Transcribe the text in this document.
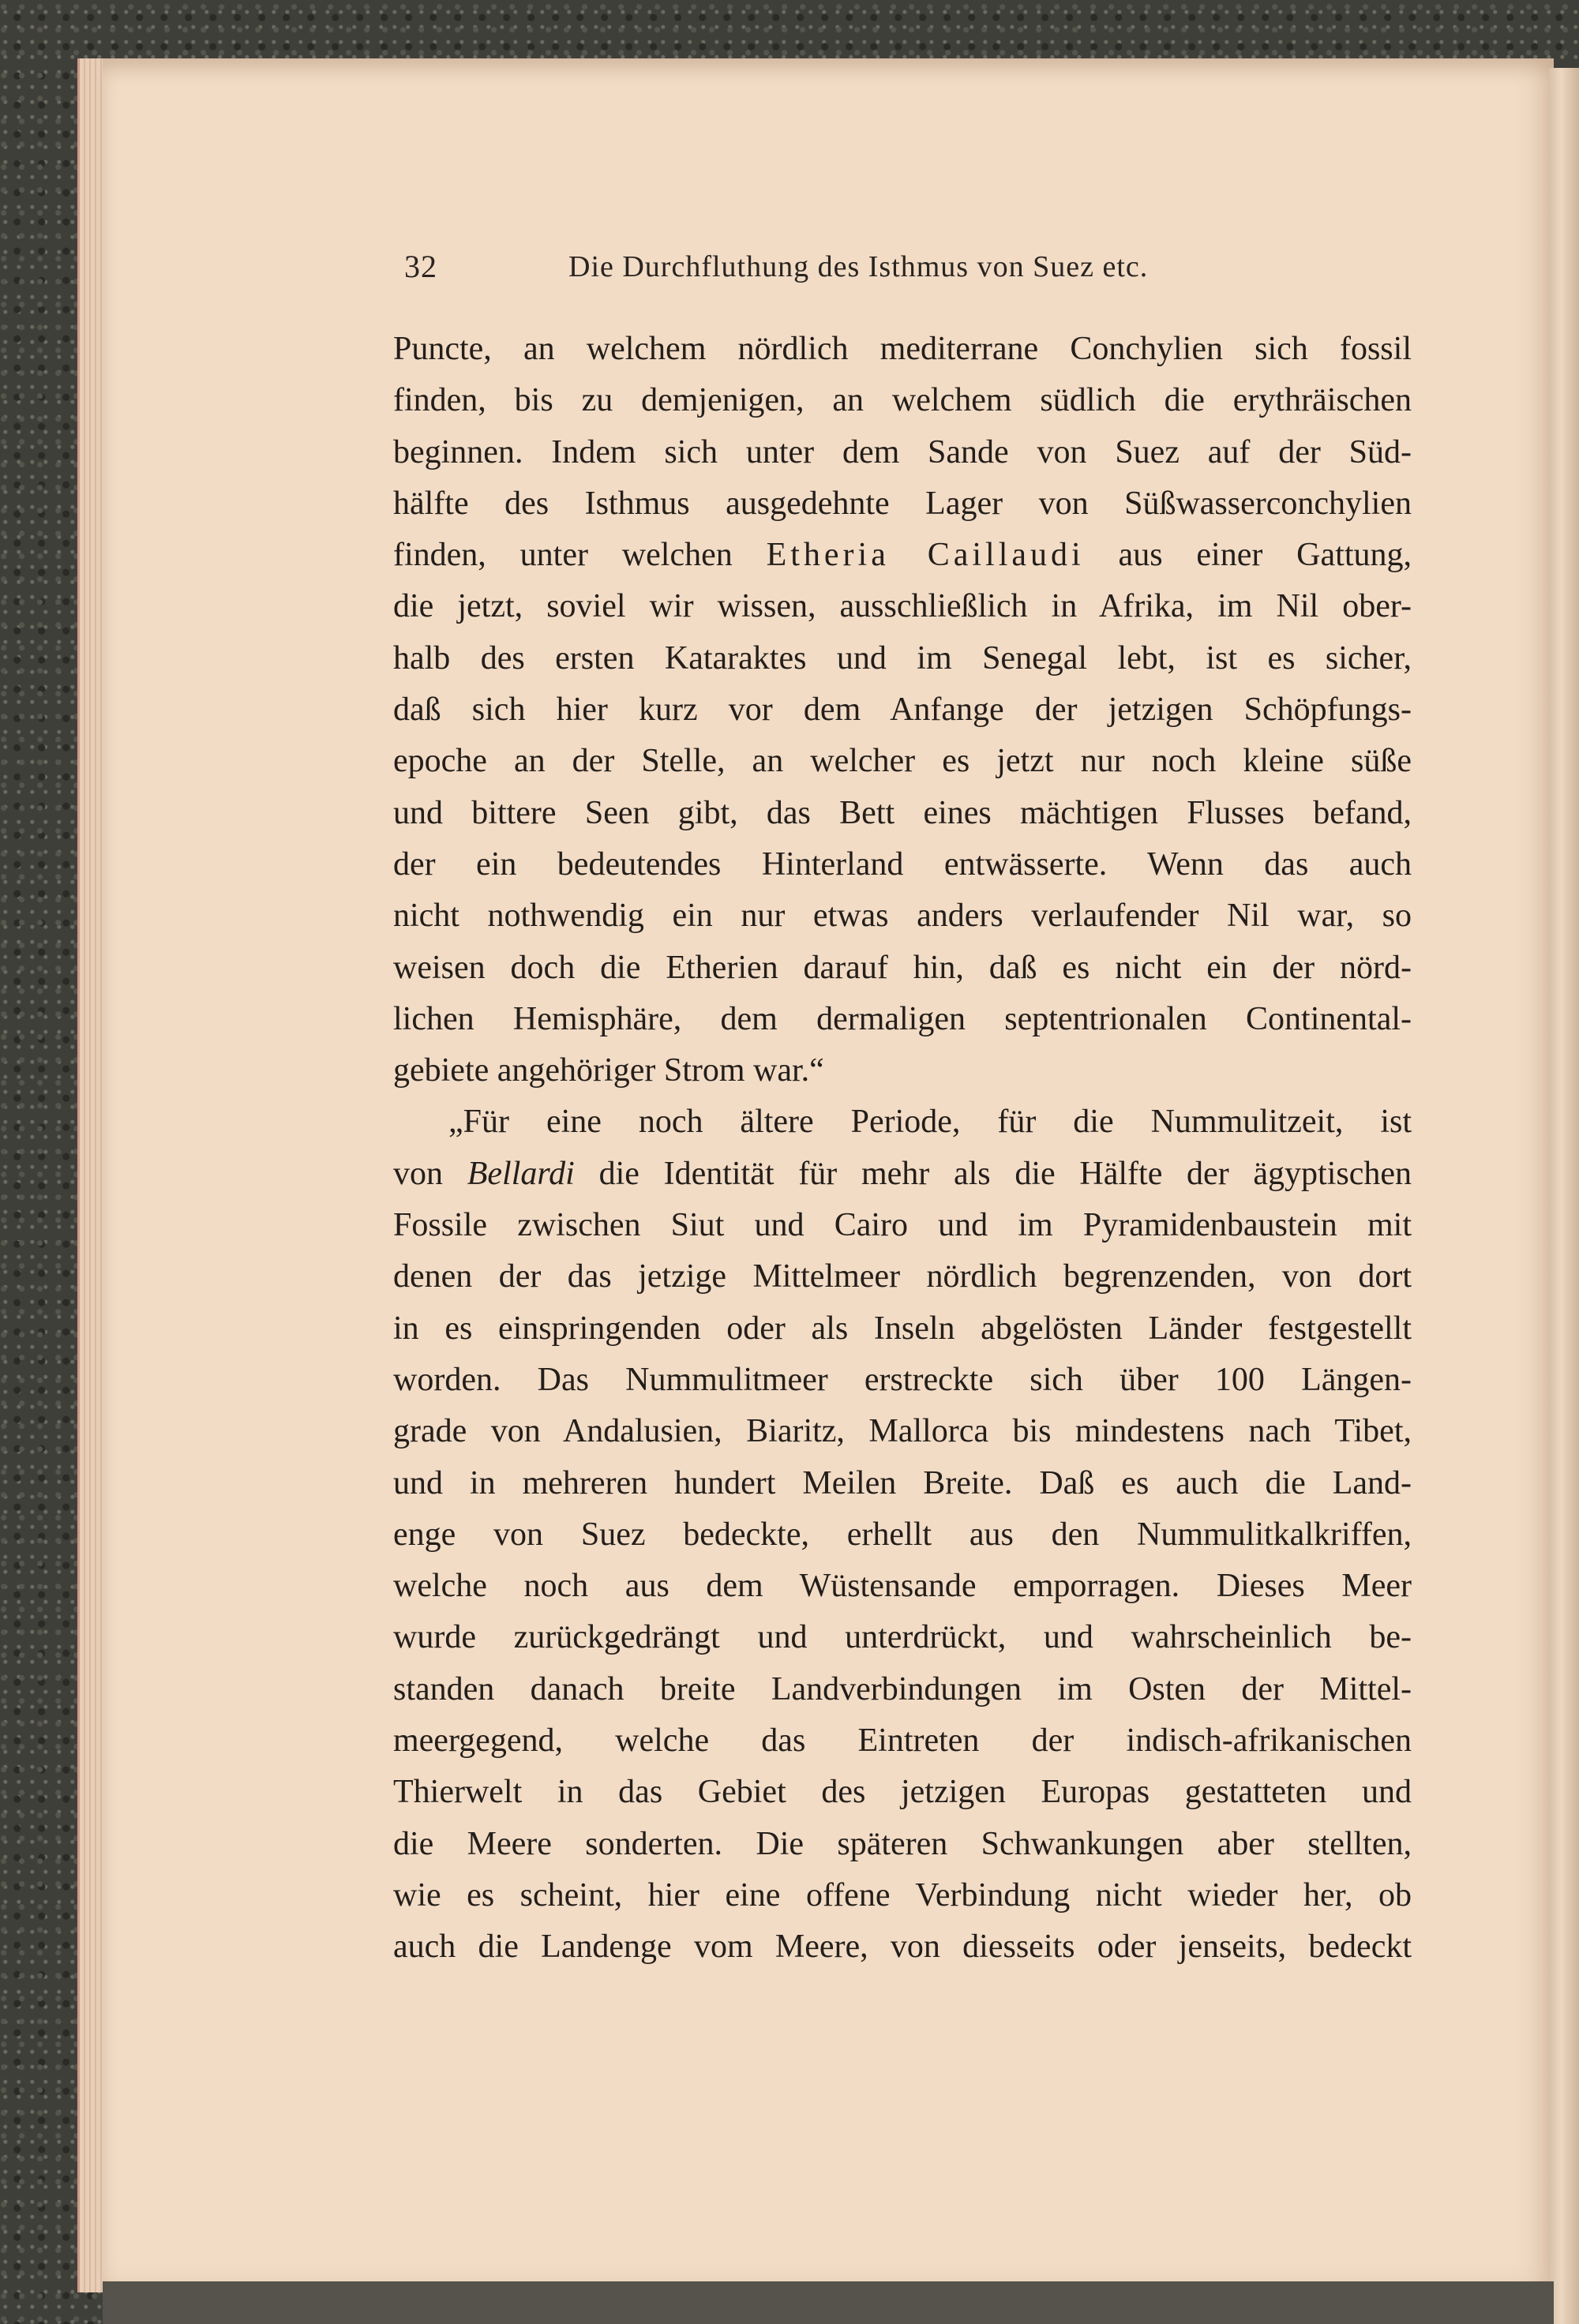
32	Die Durchfluthung des Isthmus von Suez etc.
Puncte, an welchem nördlich mediterrane Conchylien sich fossil
finden, bis zu demjenigen, an welchem südlich die erythräischen
beginnen. Indem sich unter dem Sande von Suez auf der Süd-
hälfte des Isthmus ausgedehnte Lager von Süßwasserconchylien
finden, unter welchen Etheria Caillaudi aus einer Gattung,
die jetzt, soviel wir wissen, ausschließlich in Afrika, im Nil ober-
halb des ersten Kataraktes und im Senegal lebt, ist es sicher,
daß sich hier kurz vor dem Anfange der jetzigen Schöpfungs-
epoche an der Stelle, an welcher es jetzt nur noch kleine süße
und bittere Seen gibt, das Bett eines mächtigen Flusses befand,
der ein bedeutendes Hinterland entwässerte. Wenn das auch
nicht nothwendig ein nur etwas anders verlaufender Nil war, so
weisen doch die Etherien darauf hin, daß es nicht ein der nörd-
lichen Hemisphäre, dem dermaligen septentrionalen Continental-
gebiete angehöriger Strom war.“
„Für eine noch ältere Periode, für die Nummulitzeit, ist
von Bellardi die Identität für mehr als die Hälfte der ägyptischen
Fossile zwischen Siut und Cairo und im Pyramidenbaustein mit
denen der das jetzige Mittelmeer nördlich begrenzenden, von dort
in es einspringenden oder als Inseln abgelösten Länder festgestellt
worden. Das Nummulitmeer erstreckte sich über 100 Längen-
grade von Andalusien, Biaritz, Mallorca bis mindestens nach Tibet,
und in mehreren hundert Meilen Breite. Daß es auch die Land-
enge von Suez bedeckte, erhellt aus den Nummulitkalkriffen,
welche noch aus dem Wüstensande emporragen. Dieses Meer
wurde zurückgedrängt und unterdrückt, und wahrscheinlich be-
standen danach breite Landverbindungen im Osten der Mittel-
meergegend, welche das Eintreten der indisch-afrikanischen
Thierwelt in das Gebiet des jetzigen Europas gestatteten und
die Meere sonderten. Die späteren Schwankungen aber stellten,
wie es scheint, hier eine offene Verbindung nicht wieder her, ob
auch die Landenge vom Meere, von diesseits oder jenseits, bedeckt
